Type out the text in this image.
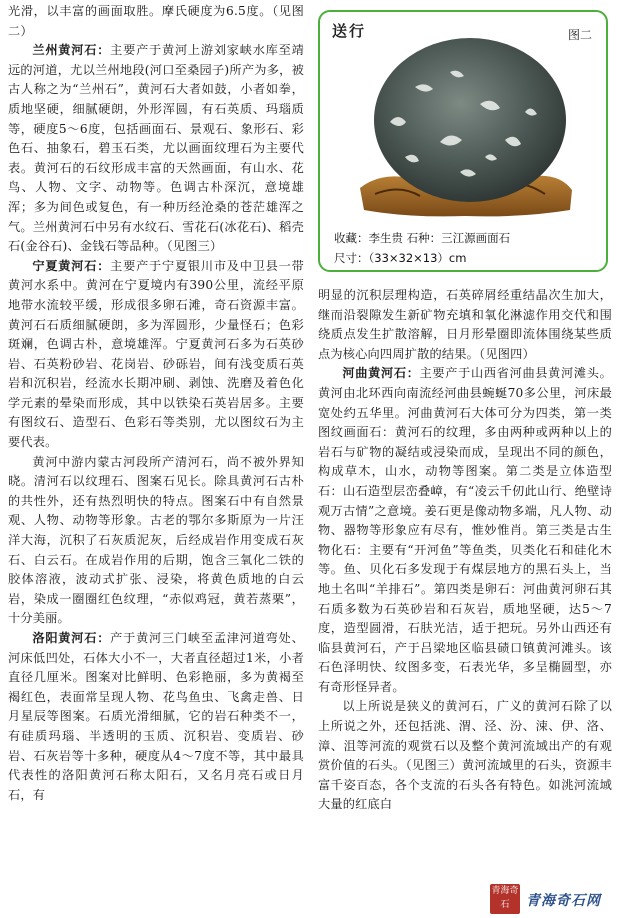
光滑，以丰富的画面取胜。摩氏硬度为6.5度。（见图二）

兰州黄河石：主要产于黄河上游刘家峡水库至靖远的河道，尤以兰州地段(河口至桑园子)所产为多，被古人称之为“兰州石”，黄河石大者如鼓，小者如拳，质地坚硬，细腻硬朗，外形浑圆，有石英质、玛瑙质等，硬度5～6度，包括画面石、景观石、象形石、彩色石、抽象石，碧玉石类，尤以画面纹理石为主要代表。黄河石的石纹形成丰富的天然画面，有山水、花鸟、人物、文字、动物等。色调古朴深沉，意境雄浑；多为间色或复色，有一种历经沧桑的苍茫雄浑之气。兰州黄河石中另有水纹石、雪花石(冰花石)、稻壳石(金谷石)、金钱石等品种。（见图三）

宁夏黄河石：主要产于宁夏银川市及中卫县一带黄河水系中。黄河在宁夏境内有390公里，流经平原地带水流较平缓，形成很多卵石滩，奇石资源丰富。黄河石石质细腻硬朗，多为浑圆形，少量怪石；色彩斑斓，色调古朴，意境雄浑。宁夏黄河石多为石英砂岩、石英粉砂岩、花岗岩、砂砾岩，间有浅变质石英岩和沉积岩，经流水长期冲刷、剥蚀、洗磨及着色化学元素的晕染而形成，其中以铁染石英岩居多。主要有图纹石、造型石、色彩石等类别，尤以图纹石为主要代表。

黄河中游内蒙古河段所产清河石，尚不被外界知晓。清河石以纹理石、图案石见长。除具黄河石古朴的共性外，还有热烈明快的特点。图案石中有自然景观、人物、动物等形象。古老的鄂尔多斯原为一片汪洋大海，沉积了石灰质泥灰，后经成岩作用变成石灰石、白云石。在成岩作用的后期，饱含三氧化二铁的胶体溶液，波动式扩张、浸染，将黄色质地的白云岩，染成一圈圈红色纹理，“赤似鸡冠，黄若蒸栗”，十分美丽。

洛阳黄河石：产于黄河三门峡至孟津河道弯处、河床低凹处，石体大小不一，大者直径超过1米，小者直径几厘米。图案对比鲜明、色彩艳丽，多为黄褐至褐红色，表面常呈现人物、花鸟鱼虫、飞禽走兽、日月星辰等图案。石质光滑细腻，它的岩石种类不一，有硅质玛瑙、半透明的玉质、沉积岩、变质岩、砂岩、石灰岩等十多种，硬度从4～7度不等，其中最具代表性的洛阳黄河石称太阳石，又名月亮石或日月石，有

送行	图二
收藏：李生贵 石种：三江源画面石
尺寸：（33×32×13）cm

明显的沉积层理构造，石英碎屑经重结晶次生加大，继而沿裂隙发生新矿物充填和氧化淋滤作用交代和围绕质点发生扩散溶解，日月形晕圈即流体围绕某些质点为核心向四周扩散的结果。（见图四）

河曲黄河石：主要产于山西省河曲县黄河滩头。黄河由北环西向南流经河曲县蜿蜒70多公里，河床最宽处约五华里。河曲黄河石大体可分为四类，第一类图纹画面石：黄河石的纹理，多由两种或两种以上的岩石与矿物的凝结或浸染而成，呈现出不同的颜色，构成草木，山水，动物等图案。第二类是立体造型石：山石造型层峦叠嶂，有“凌云千仞此山行、绝壁诗观万古情”之意境。姜石更是像动物多端，凡人物、动物、器物等形象应有尽有，惟妙惟肖。第三类是古生物化石：主要有“开河鱼”等鱼类，贝类化石和硅化木等。鱼、贝化石多发现于有煤层地方的黑石头上，当地土名叫“羊排石”。第四类是卵石：河曲黄河卵石其石质多数为石英砂岩和石灰岩，质地坚硬，达5～7度，造型圆滑，石肤光洁，适于把玩。另外山西还有临县黄河石，产于吕梁地区临县碛口镇黄河滩头。该石色泽明快、纹图多变，石表光华，多呈椭圆型，亦有奇形怪异者。

以上所说是狭义的黄河石，广义的黄河石除了以上所说之外，还包括洮、渭、泾、汾、涑、伊、洛、漳、沮等河流的观赏石以及整个黄河流域出产的有观赏价值的石头。（见图三）黄河流域里的石头，资源丰富千姿百态，各个支流的石头各有特色。如洮河流域大量的红底白

青海奇石	青海奇石网
